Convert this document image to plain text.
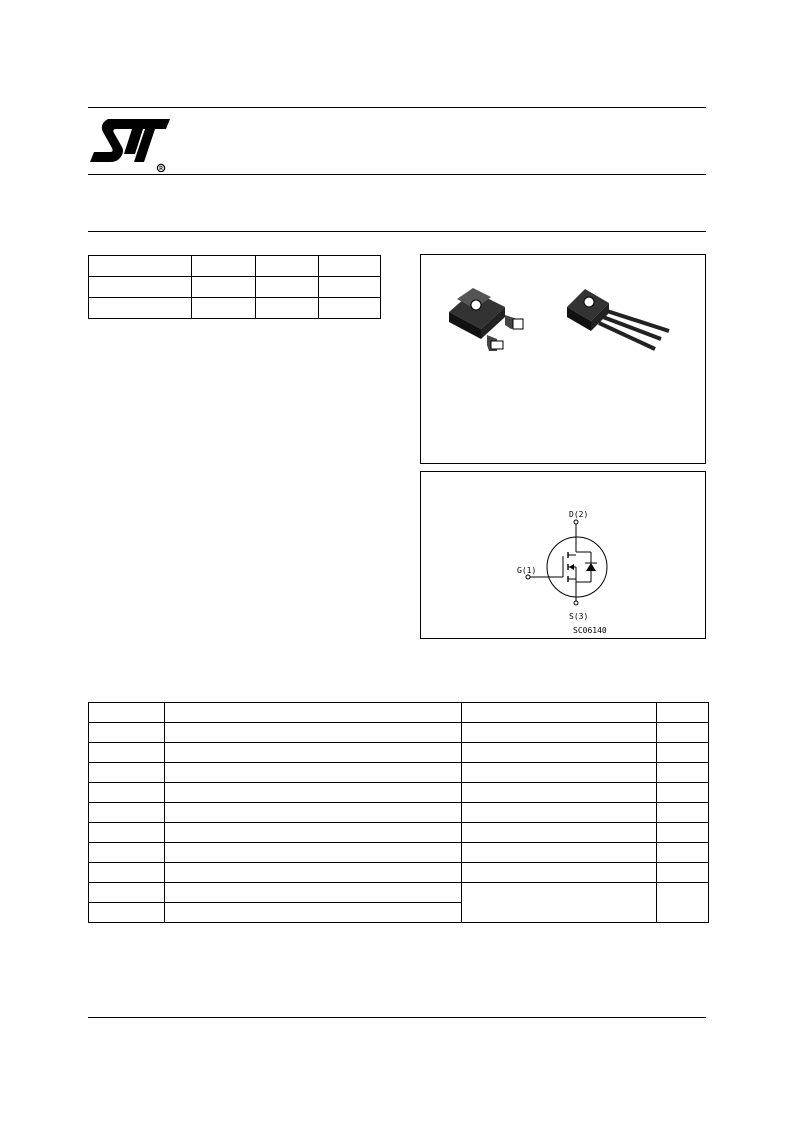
R

D(2)
G(1)
S(3)
SC06140
